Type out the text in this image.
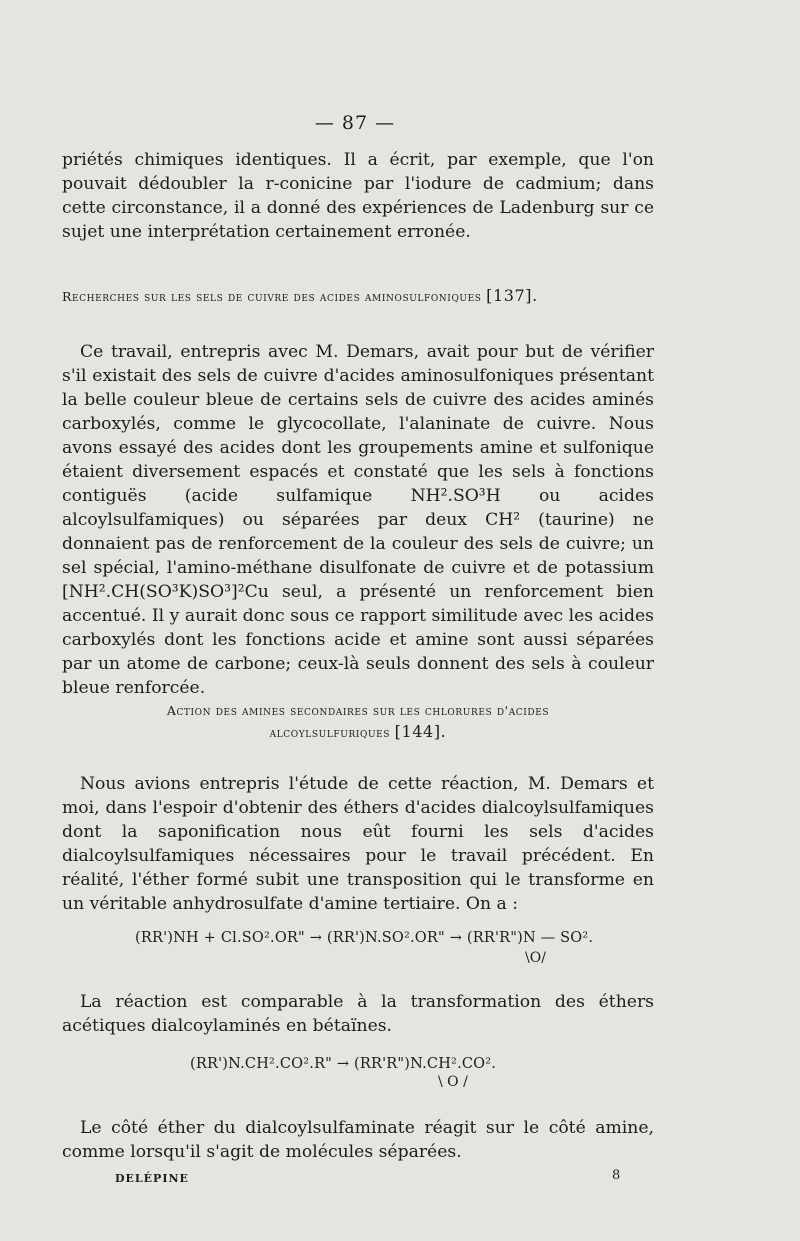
— 87 —
priétés chimiques identiques. Il a écrit, par exemple, que l'on pouvait dédoubler la r-conicine par l'iodure de cadmium; dans cette circonstance, il a donné des expériences de Ladenburg sur ce sujet une interprétation certainement erronée.
Recherches sur les sels de cuivre des acides aminosulfoniques [137].
Ce travail, entrepris avec M. Demars, avait pour but de vérifier s'il existait des sels de cuivre d'acides aminosulfoniques présentant la belle couleur bleue de certains sels de cuivre des acides aminés carboxylés, comme le glycocollate, l'alaninate de cuivre. Nous avons essayé des acides dont les groupements amine et sulfonique étaient diversement espacés et constaté que les sels à fonctions contiguës (acide sulfamique NH².SO³H ou acides alcoylsulfamiques) ou séparées par deux CH² (taurine) ne donnaient pas de renforcement de la couleur des sels de cuivre; un sel spécial, l'amino-méthane disulfonate de cuivre et de potassium [NH².CH(SO³K)SO³]²Cu seul, a présenté un renforcement bien accentué. Il y aurait donc sous ce rapport similitude avec les acides carboxylés dont les fonctions acide et amine sont aussi séparées par un atome de carbone; ceux-là seuls donnent des sels à couleur bleue renforcée.
Action des amines secondaires sur les chlorures d'acides
alcoylsulfuriques [144].
Nous avions entrepris l'étude de cette réaction, M. Demars et moi, dans l'espoir d'obtenir des éthers d'acides dialcoylsulfamiques dont la saponification nous eût fourni les sels d'acides dialcoylsulfamiques nécessaires pour le travail précédent. En réalité, l'éther formé subit une transposition qui le transforme en un véritable anhydrosulfate d'amine tertiaire. On a :
(RR')NH + Cl.SO².OR" → (RR')N.SO².OR" → (RR'R")N — SO².
\O/
La réaction est comparable à la transformation des éthers acétiques dialcoylaminés en bétaïnes.
(RR')N.CH².CO².R" → (RR'R")N.CH².CO².
\ O /
Le côté éther du dialcoylsulfaminate réagit sur le côté amine, comme lorsqu'il s'agit de molécules séparées.
DELÉPINE	8
